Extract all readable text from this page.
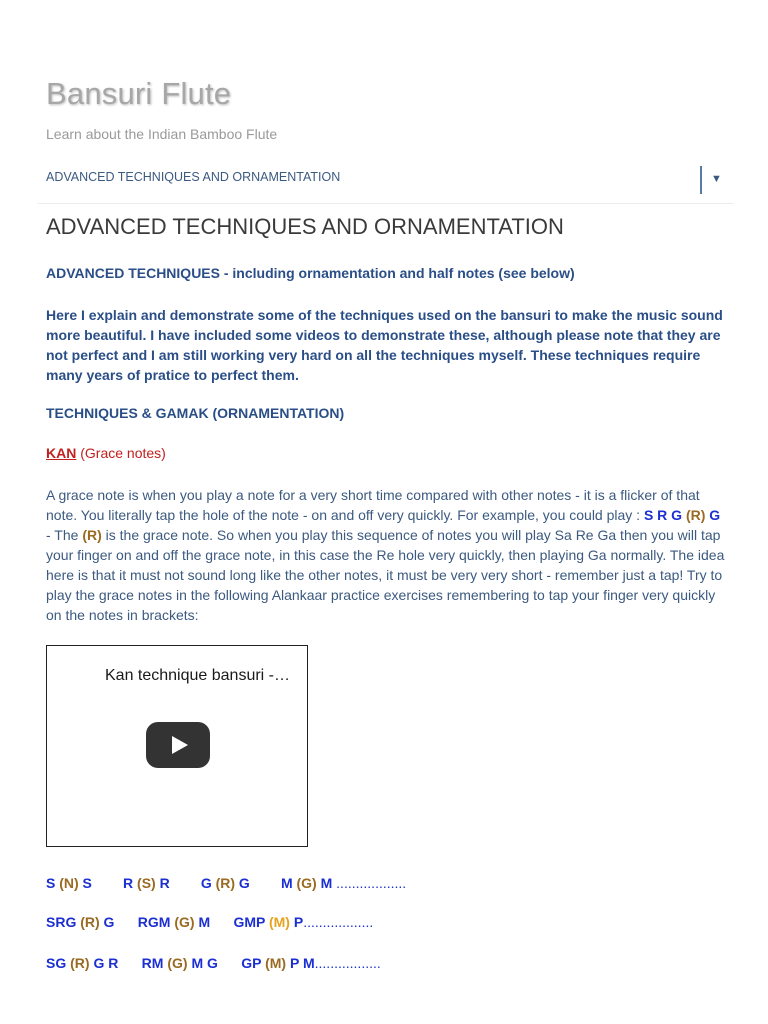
Bansuri Flute
Learn about the Indian Bamboo Flute
ADVANCED TECHNIQUES AND ORNAMENTATION	▼
ADVANCED TECHNIQUES AND ORNAMENTATION
ADVANCED TECHNIQUES - including ornamentation and half notes (see below)
Here I explain and demonstrate some of the techniques used on the bansuri to make the music sound more beautiful. I have included some videos to demonstrate these, although please note that they are not perfect and I am still working very hard on all the techniques myself. These techniques require many years of pratice to perfect them.
TECHNIQUES & GAMAK (ORNAMENTATION)
KAN (Grace notes)
A grace note is when you play a note for a very short time compared with other notes - it is a flicker of that note. You literally tap the hole of the note - on and off very quickly. For example, you could play : S R G (R) G - The (R) is the grace note. So when you play this sequence of notes you will play Sa Re Ga then you will tap your finger on and off the grace note, in this case the Re hole very quickly, then playing Ga normally. The idea here is that it must not sound long like the other notes, it must be very very short - remember just a tap! Try to play the grace notes in the following Alankaar practice exercises remembering to tap your finger very quickly on the notes in brackets:
Kan technique bansuri -…
S (N) S        R (S) R        G (R) G        M (G) M ..................
SRG (R) G      RGM (G) M      GMP (M) P..................
SG (R) G R      RM (G) M G      GP (M) P M.................
